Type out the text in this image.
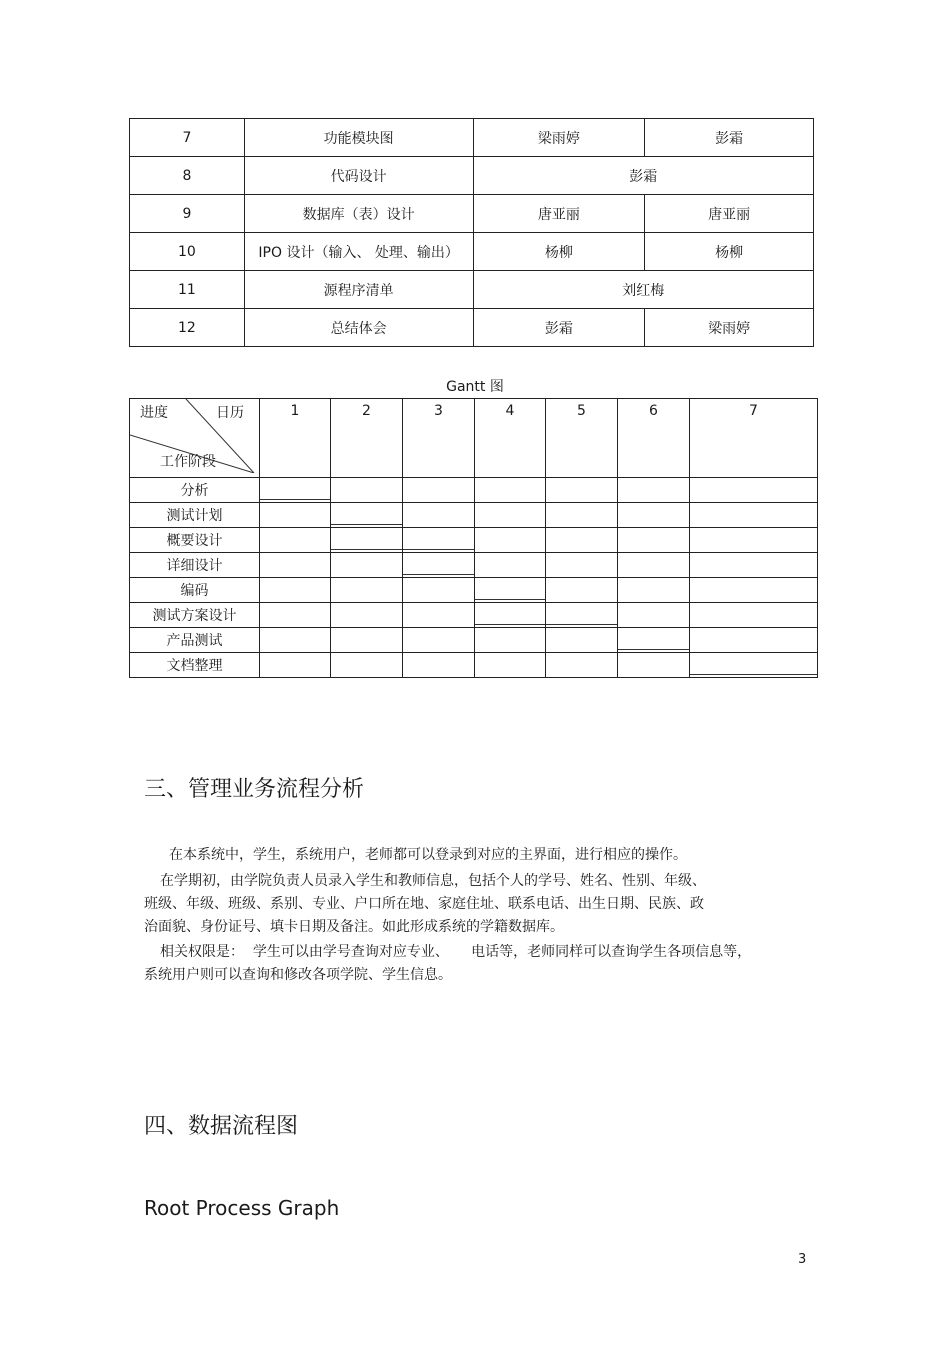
7	功能模块图	梁雨婷	彭霜
8	代码设计	彭霜	
9	数据库（表）设计	唐亚丽	唐亚丽
10	IPO 设计（输入、 处理、输出）	杨柳	杨柳
11	源程序清单	刘红梅	
12	总结体会	彭霜	梁雨婷
Gantt 图
进度 日历
工作阶段	1	2	3	4	5	6	7
分析	

测试计划		

概要设计		

详细设计			

编码				

测试方案设计				

产品测试						

文档整理							
三、管理业务流程分析
在本系统中，学生，系统用户，老师都可以登录到对应的主界面，进行相应的操作。
在学期初，由学院负责人员录入学生和教师信息，包括个人的学号、姓名、性别、年级、
班级、年级、班级、系别、专业、户口所在地、家庭住址、联系电话、出生日期、民族、政
治面貌、身份证号、填卡日期及备注。如此形成系统的学籍数据库。
相关权限是：  学生可以由学号查询对应专业、     电话等，老师同样可以查询学生各项信息等，
系统用户则可以查询和修改各项学院、学生信息。
四、数据流程图
Root Process Graph
3
